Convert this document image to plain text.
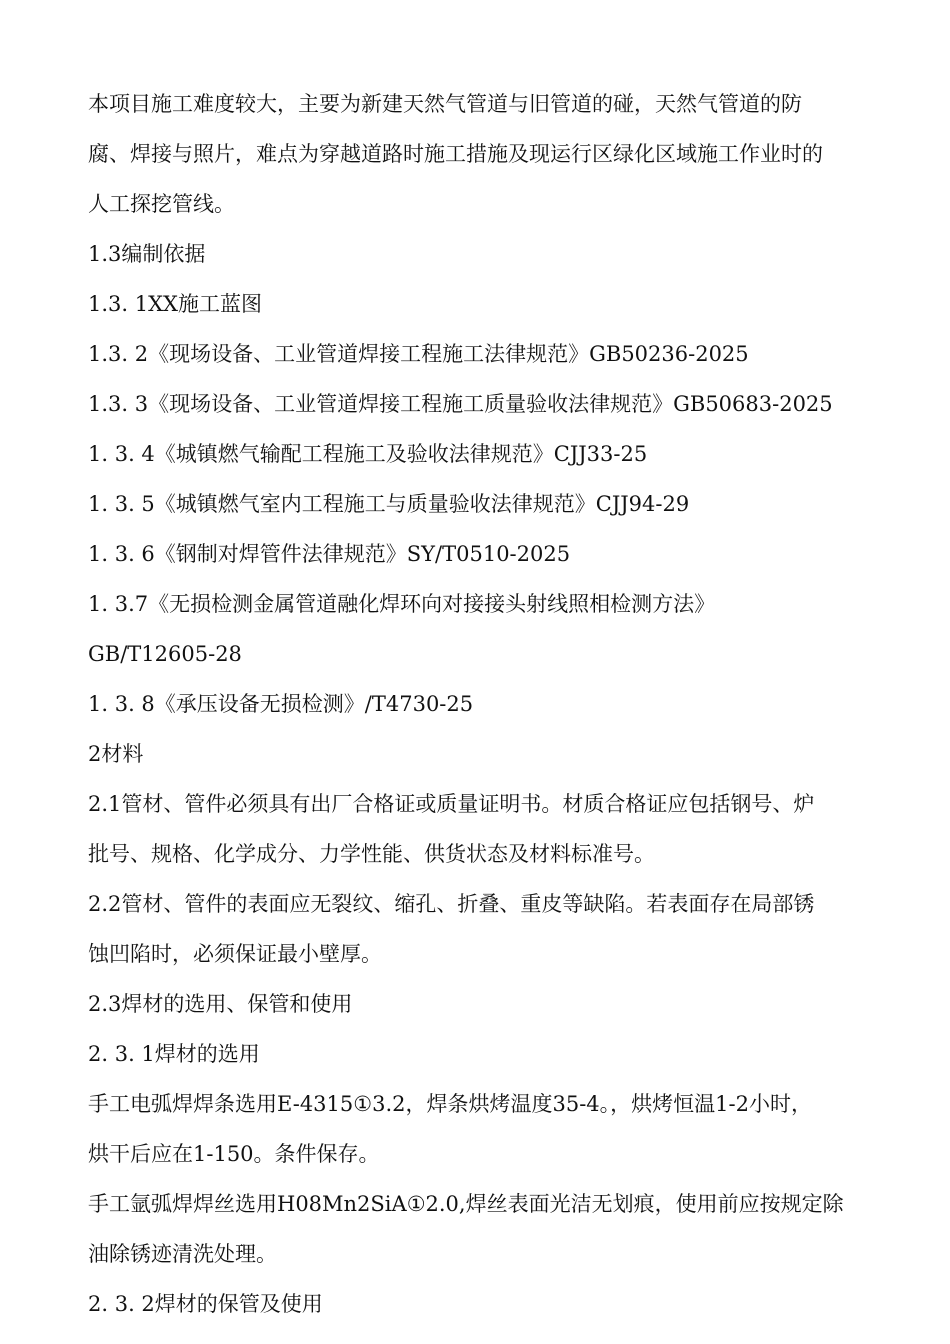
本项目施工难度较大，主要为新建天然气管道与旧管道的碰，天然气管道的防
腐、焊接与照片，难点为穿越道路时施工措施及现运行区绿化区域施工作业时的
人工探挖管线。
1.3编制依据
1.3. 1XX施工蓝图
1.3. 2《现场设备、工业管道焊接工程施工法律规范》GB50236-2025
1.3. 3《现场设备、工业管道焊接工程施工质量验收法律规范》GB50683-2025
1. 3. 4《城镇燃气输配工程施工及验收法律规范》CJJ33-25
1. 3. 5《城镇燃气室内工程施工与质量验收法律规范》CJJ94-29
1. 3. 6《钢制对焊管件法律规范》SY/T0510-2025
1. 3.7《无损检测金属管道融化焊环向对接接头射线照相检测方法》
GB/T12605-28
1. 3. 8《承压设备无损检测》/T4730-25
2材料
2.1管材、管件必须具有出厂合格证或质量证明书。材质合格证应包括钢号、炉
批号、规格、化学成分、力学性能、供货状态及材料标准号。
2.2管材、管件的表面应无裂纹、缩孔、折叠、重皮等缺陷。若表面存在局部锈
蚀凹陷时，必须保证最小壁厚。
2.3焊材的选用、保管和使用
2. 3. 1焊材的选用
手工电弧焊焊条选用E-4315①3.2，焊条烘烤温度35-4。，烘烤恒温1-2小时，
烘干后应在1-150。条件保存。
手工氩弧焊焊丝选用H08Mn2SiA①2.0,焊丝表面光洁无划痕，使用前应按规定除
油除锈迹清洗处理。
2. 3. 2焊材的保管及使用
